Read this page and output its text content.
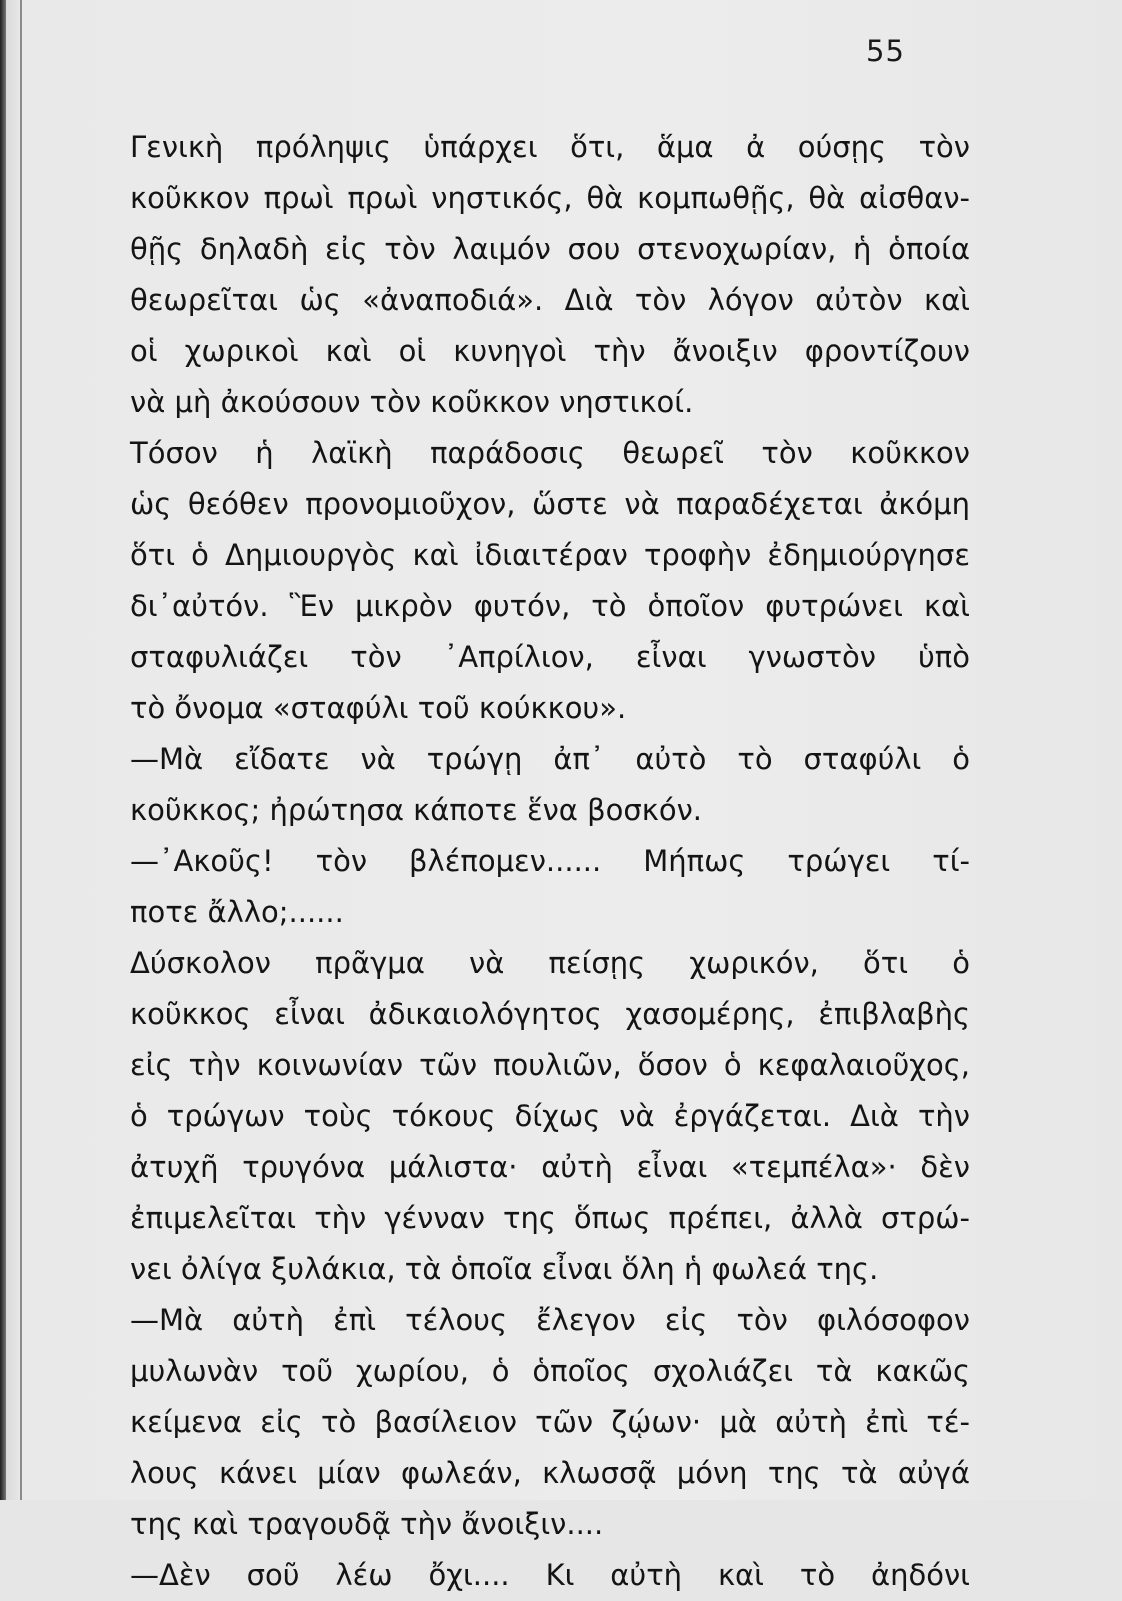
55
Γενικὴ πρόληψις ὑπάρχει ὅτι, ἅμα ἀ ούσῃς τὸν
κοῦκκον πρωὶ πρωὶ νηστικός, θὰ κομπωθῇς, θὰ αἰσθαν-
θῇς δηλαδὴ εἰς τὸν λαιμόν σου στενοχωρίαν, ἡ ὁποία
θεωρεῖται ὡς «ἀναποδιά». Διὰ τὸν λόγον αὐτὸν καὶ
οἱ χωρικοὶ καὶ οἱ κυνηγοὶ τὴν ἄνοιξιν φροντίζουν
νὰ μὴ ἀκούσουν τὸν κοῦκκον νηστικοί.
Τόσον ἡ λαϊκὴ παράδοσις θεωρεῖ τὸν κοῦκκον
ὡς θεόθεν προνομιοῦχον, ὥστε νὰ παραδέχεται ἀκόμη
ὅτι ὁ Δημιουργὸς καὶ ἰδιαιτέραν τροφὴν ἐδημιούργησε
δι᾿αὐτόν. Ἓν μικρὸν φυτόν, τὸ ὁποῖον φυτρώνει καὶ
σταφυλιάζει τὸν ᾿Απρίλιον, εἶναι γνωστὸν ὑπὸ
τὸ ὄνομα «σταφύλι τοῦ κούκκου».
—Μὰ εἴδατε νὰ τρώγῃ ἀπ᾿ αὐτὸ τὸ σταφύλι ὁ
κοῦκκος; ἠρώτησα κάποτε ἕνα βοσκόν.
—᾿Ακοῦς! τὸν βλέπομεν...... Μήπως τρώγει τί-
ποτε ἄλλο;......
Δύσκολον πρᾶγμα νὰ πείσῃς χωρικόν, ὅτι ὁ
κοῦκκος εἶναι ἀδικαιολόγητος χασομέρης, ἐπιβλαβὴς
εἰς τὴν κοινωνίαν τῶν πουλιῶν, ὅσον ὁ κεφαλαιοῦχος,
ὁ τρώγων τοὺς τόκους δίχως νὰ ἐργάζεται. Διὰ τὴν
ἀτυχῆ τρυγόνα μάλιστα· αὐτὴ εἶναι «τεμπέλα»· δὲν
ἐπιμελεῖται τὴν γένναν της ὅπως πρέπει, ἀλλὰ στρώ-
νει ὀλίγα ξυλάκια, τὰ ὁποῖα εἶναι ὅλη ἡ φωλεά της.
—Μὰ αὐτὴ ἐπὶ τέλους ἔλεγον εἰς τὸν φιλόσοφον
μυλωνὰν τοῦ χωρίου, ὁ ὁποῖος σχολιάζει τὰ κακῶς
κείμενα εἰς τὸ βασίλειον τῶν ζῴων· μὰ αὐτὴ ἐπὶ τέ-
λους κάνει μίαν φωλεάν, κλωσσᾷ μόνη της τὰ αὐγά
της καὶ τραγουδᾷ τὴν ἄνοιξιν....
—Δὲν σοῦ λέω ὄχι.... Κι αὐτὴ καὶ τὸ ἀηδόνι
